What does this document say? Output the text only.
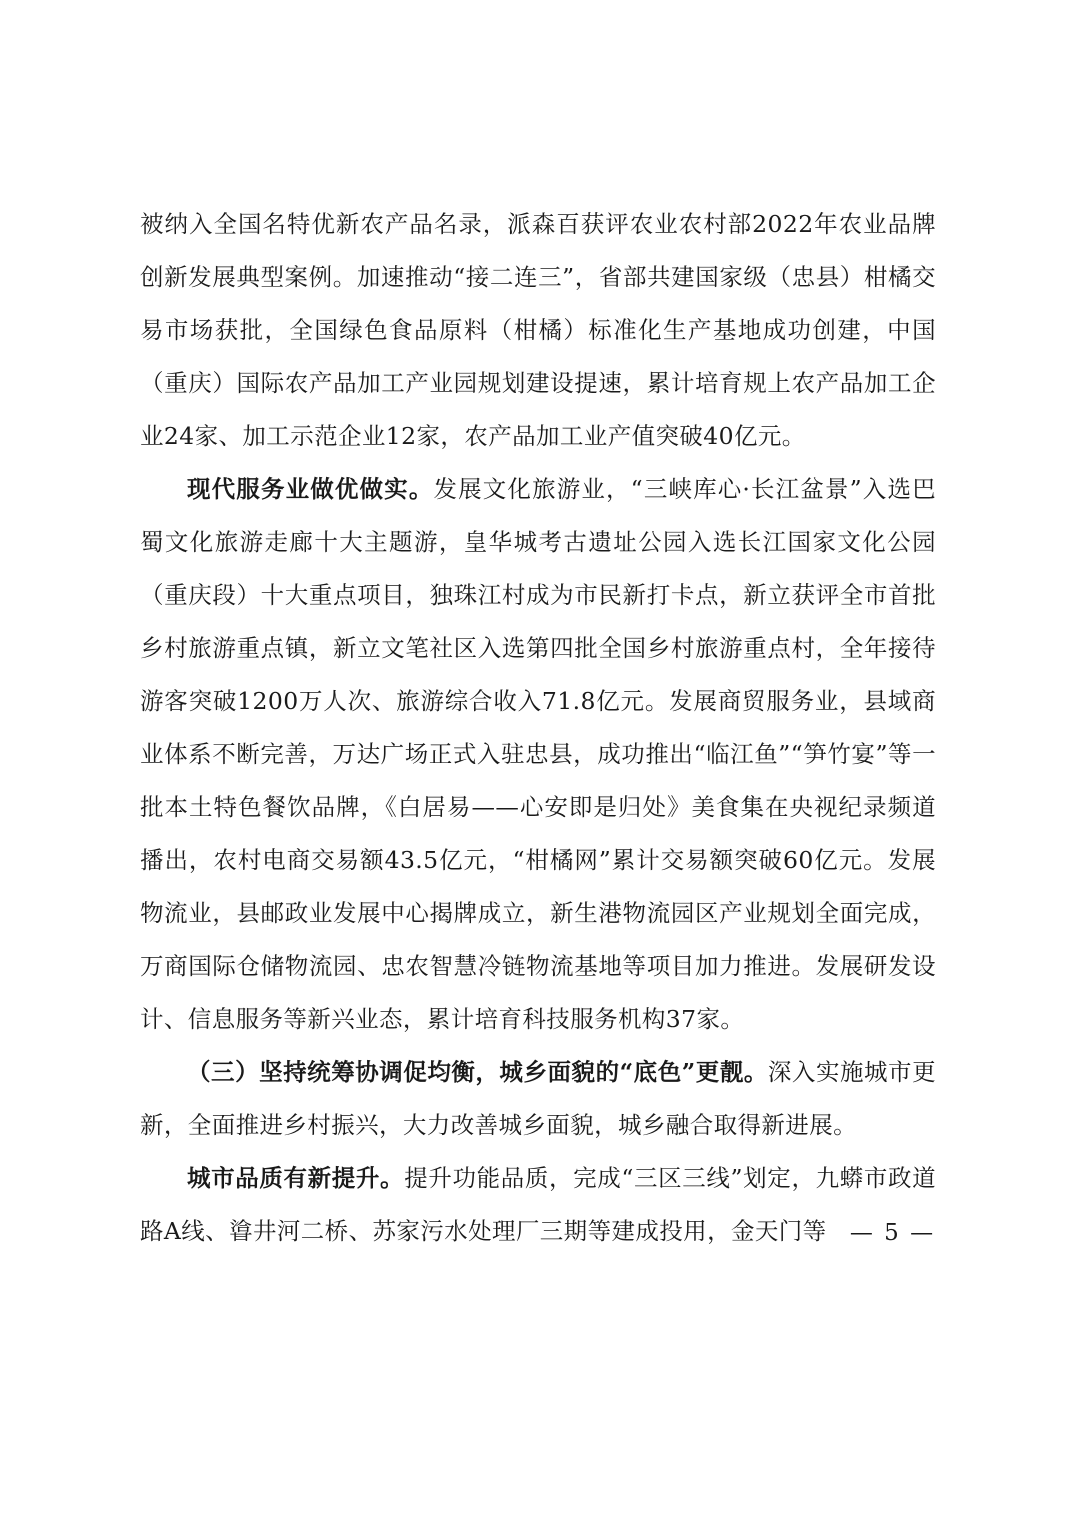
被纳入全国名特优新农产品名录，派森百获评农业农村部2022年农业品牌创新发展典型案例。加速推动“接二连三”，省部共建国家级（忠县）柑橘交易市场获批，全国绿色食品原料（柑橘）标准化生产基地成功创建，中国（重庆）国际农产品加工产业园规划建设提速，累计培育规上农产品加工企业24家、加工示范企业12家，农产品加工业产值突破40亿元。

现代服务业做优做实。发展文化旅游业，“三峡库心·长江盆景”入选巴蜀文化旅游走廊十大主题游，皇华城考古遗址公园入选长江国家文化公园（重庆段）十大重点项目，独珠江村成为市民新打卡点，新立获评全市首批乡村旅游重点镇，新立文笔社区入选第四批全国乡村旅游重点村，全年接待游客突破1200万人次、旅游综合收入71.8亿元。发展商贸服务业，县域商业体系不断完善，万达广场正式入驻忠县，成功推出“临江鱼”“笋竹宴”等一批本土特色餐饮品牌，《白居易——心安即是归处》美食集在央视纪录频道播出，农村电商交易额43.5亿元，“柑橘网”累计交易额突破60亿元。发展物流业，县邮政业发展中心揭牌成立，新生港物流园区产业规划全面完成，万商国际仓储物流园、忠农智慧冷链物流基地等项目加力推进。发展研发设计、信息服务等新兴业态，累计培育科技服务机构37家。

（三）坚持统筹协调促均衡，城乡面貌的“底色”更靓。深入实施城市更新，全面推进乡村振兴，大力改善城乡面貌，城乡融合取得新进展。

城市品质有新提升。提升功能品质，完成“三区三线”划定，九蟒市政道路A线、㽏井河二桥、苏家污水处理厂三期等建成投用，金天门等	— 5 —
